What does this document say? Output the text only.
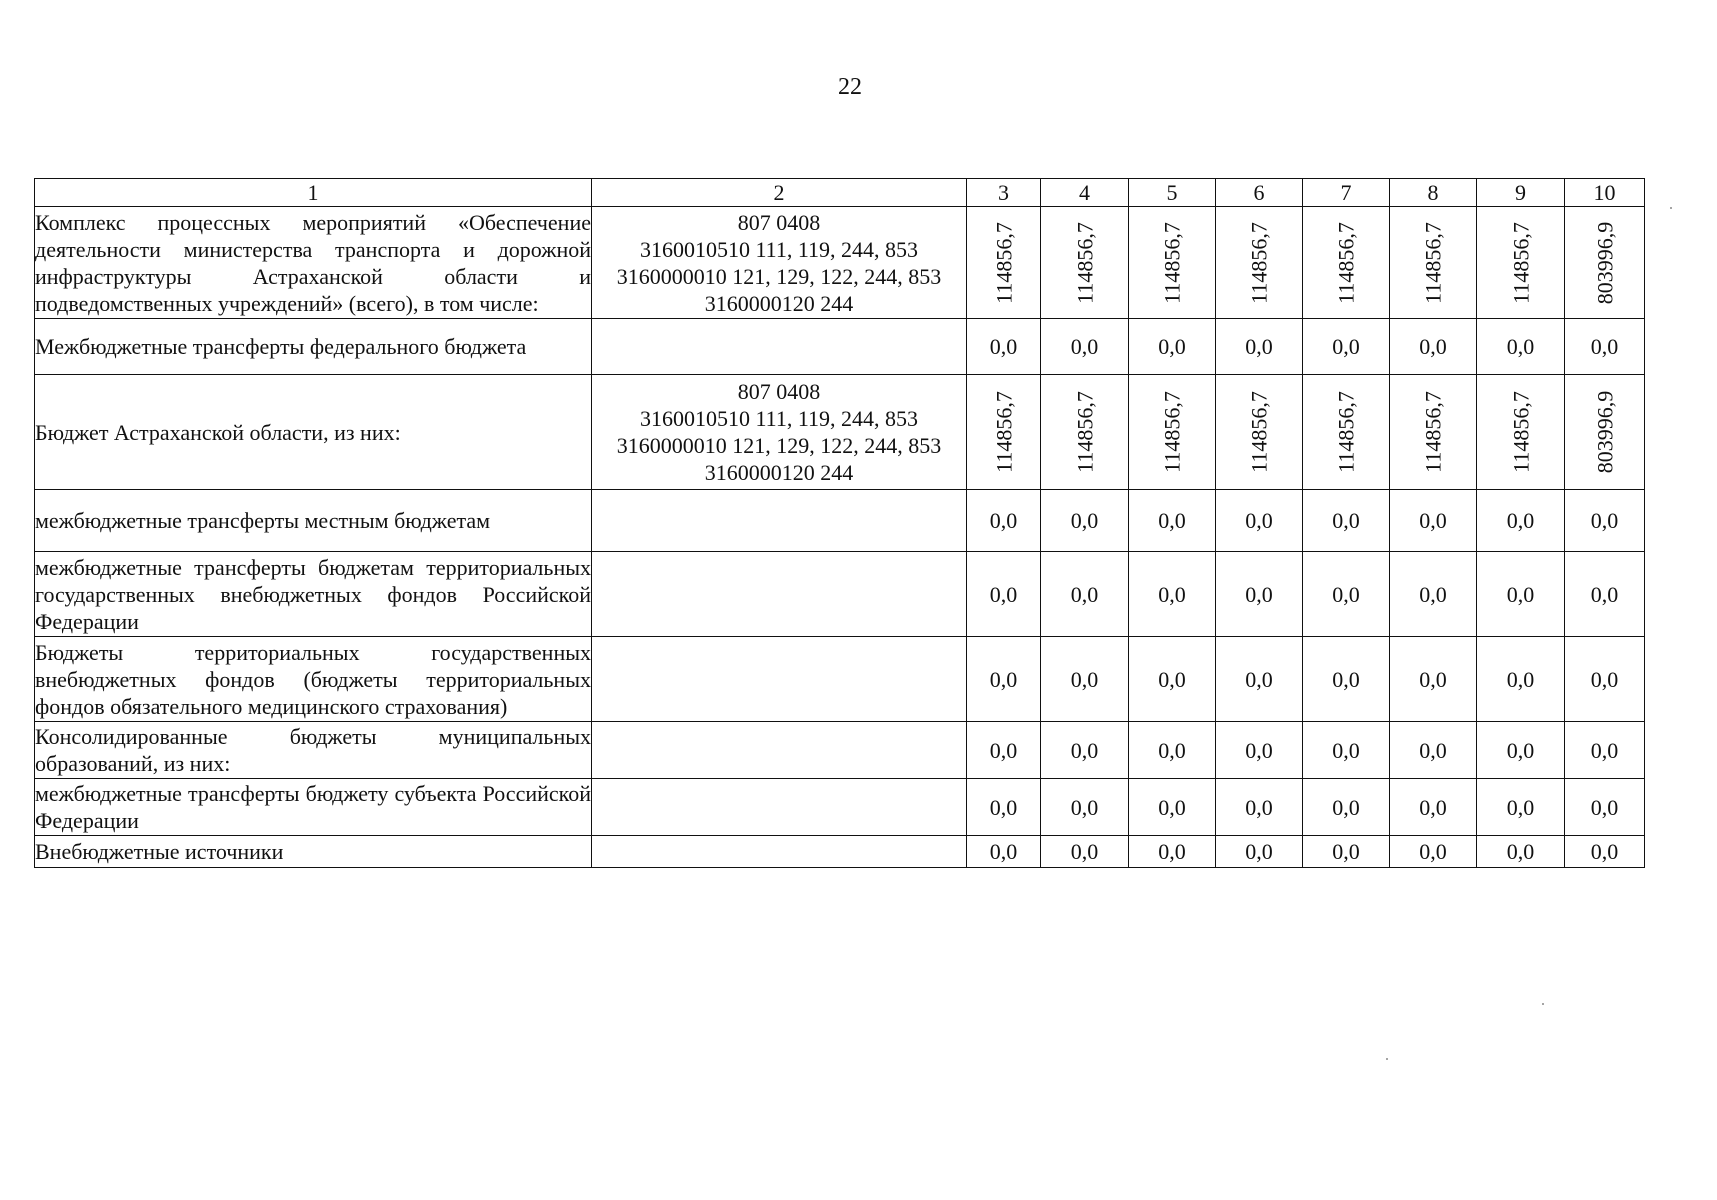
22
1	2	3	4	5	6	7	8	9	10
Комплекс процессных мероприятий «Обеспечение деятельности министерства транспорта и дорожной инфраструктуры Астраханской области и подведомственных учреждений» (всего), в том числе:	807 0408
3160010510 111, 119, 244, 853
3160000010 121, 129, 122, 244, 853
3160000120 244	114856,7	114856,7	114856,7	114856,7	114856,7	114856,7	114856,7	803996,9

Межбюджетные трансферты федерального бюджета		0,0	0,0	0,0	0,0	0,0	0,0	0,0	0,0
Бюджет Астраханской области, из них:	807 0408
3160010510 111, 119, 244, 853
3160000010 121, 129, 122, 244, 853
3160000120 244	114856,7	114856,7	114856,7	114856,7	114856,7	114856,7	114856,7	803996,9

межбюджетные трансферты местным бюджетам		0,0	0,0	0,0	0,0	0,0	0,0	0,0	0,0
межбюджетные трансферты бюджетам территориальных государственных внебюджетных фондов Российской Федерации		0,0	0,0	0,0	0,0	0,0	0,0	0,0	0,0
Бюджеты территориальных государственных внебюджетных фондов (бюджеты территориальных фондов обязательного медицинского страхования)		0,0	0,0	0,0	0,0	0,0	0,0	0,0	0,0
Консолидированные бюджеты муниципальных образований, из них:		0,0	0,0	0,0	0,0	0,0	0,0	0,0	0,0
межбюджетные трансферты бюджету субъекта Российской Федерации		0,0	0,0	0,0	0,0	0,0	0,0	0,0	0,0
Внебюджетные источники		0,0	0,0	0,0	0,0	0,0	0,0	0,0	0,0
